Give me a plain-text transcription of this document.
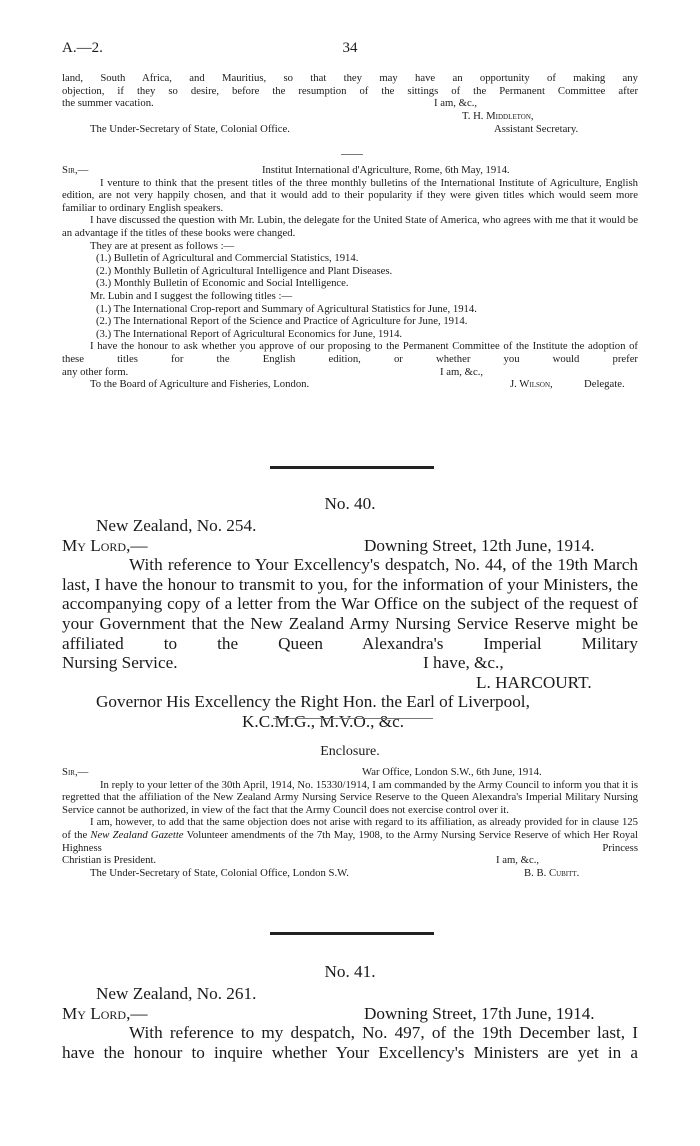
A.—2.	34

land, South Africa, and Mauritius, so that they may have an opportunity of making any

objection, if they so desire, before the resumption of the sittings of the Permanent Committee after

the summer vacation.	I am, &c.,
T. H. Middleton,
The Under-Secretary of State, Colonial Office.	Assistant Secretary.
Sir,—	Institut International d'Agriculture, Rome, 6th May, 1914.

I venture to think that the present titles of the three monthly bulletins of the International Institute of Agriculture, English edition, are not very happily chosen, and that it would add to their popularity if they were given titles which would seem more familiar to ordinary English speakers.

I have discussed the question with Mr. Lubin, the delegate for the United State of America, who agrees with me that it would be an advantage if the titles of these books were changed.

They are at present as follows :—

(1.) Bulletin of Agricultural and Commercial Statistics, 1914.

(2.) Monthly Bulletin of Agricultural Intelligence and Plant Diseases.

(3.) Monthly Bulletin of Economic and Social Intelligence.

Mr. Lubin and I suggest the following titles :—

(1.) The International Crop-report and Summary of Agricultural Statistics for June, 1914.

(2.) The International Report of the Science and Practice of Agriculture for June, 1914.

(3.) The International Report of Agricultural Economics for June, 1914.

I have the honour to ask whether you approve of our proposing to the Permanent Committee of the Institute the adoption of these titles for the English edition, or whether you would prefer

any other form.	I am, &c.,
To the Board of Agriculture and Fisheries, London.	J. Wilson,	Delegate.
No. 40.

New Zealand, No. 254.

My Lord,—	Downing Street, 12th June, 1914.

With reference to Your Excellency's despatch, No. 44, of the 19th March last, I have the honour to transmit to you, for the information of your Ministers, the accompanying copy of a letter from the War Office on the subject of the request of your Government that the New Zealand Army Nursing Service Reserve might be affiliated to the Queen Alexandra's Imperial Military

Nursing Service.	I have, &c.,
L. HARCOURT.
Governor His Excellency the Right Hon. the Earl of Liverpool,
K.C.M.G., M.V.O., &c.
Enclosure.
Sir,—	War Office, London S.W., 6th June, 1914.

In reply to your letter of the 30th April, 1914, No. 15330/1914, I am commanded by the Army Council to inform you that it is regretted that the affiliation of the New Zealand Army Nursing Service Reserve to the Queen Alexandra's Imperial Military Nursing Service cannot be authorized, in view of the fact that the Army Council does not exercise control over it.

I am, however, to add that the same objection does not arise with regard to its affiliation, as already provided for in clause 125 of the New Zealand Gazette Volunteer amendments of the 7th May, 1908, to the Army Nursing Service Reserve of which Her Royal Highness Princess

Christian is President.	I am, &c.,
The Under-Secretary of State, Colonial Office, London S.W.	B. B. Cubitt.
No. 41.

New Zealand, No. 261.

My Lord,—	Downing Street, 17th June, 1914.

With reference to my despatch, No. 497, of the 19th December last, I have the honour to inquire whether Your Excellency's Ministers are yet in a
